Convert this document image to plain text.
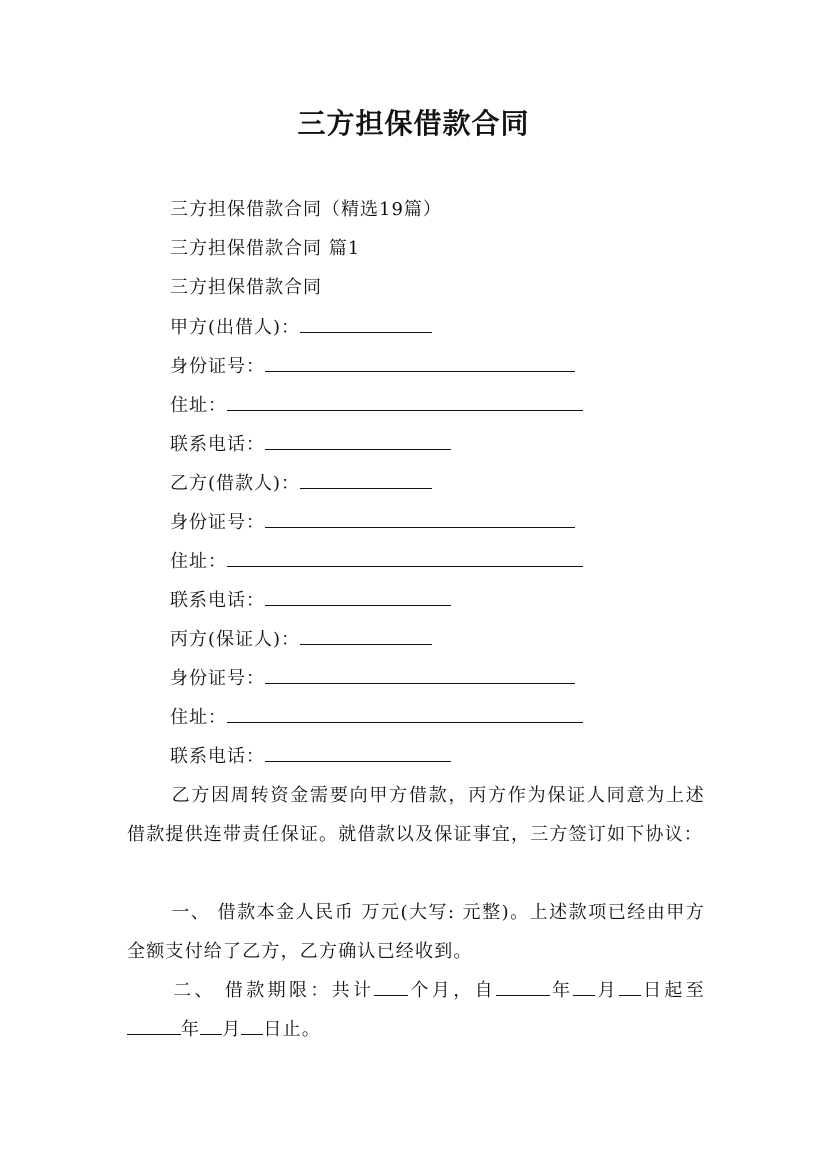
三方担保借款合同
三方担保借款合同（精选19篇）
三方担保借款合同 篇1
三方担保借款合同
甲方(出借人)：
身份证号：
住址：
联系电话：
乙方(借款人)：
身份证号：
住址：
联系电话：
丙方(保证人)：
身份证号：
住址：
联系电话：
乙方因周转资金需要向甲方借款，丙方作为保证人同意为上述借款提供连带责任保证。就借款以及保证事宜，三方签订如下协议：
一、 借款本金人民币 万元(大写: 元整)。上述款项已经由甲方全额支付给了乙方，乙方确认已经收到。
二、 借款期限：共计 个月，自	年 月 日起至年 月 日止。
